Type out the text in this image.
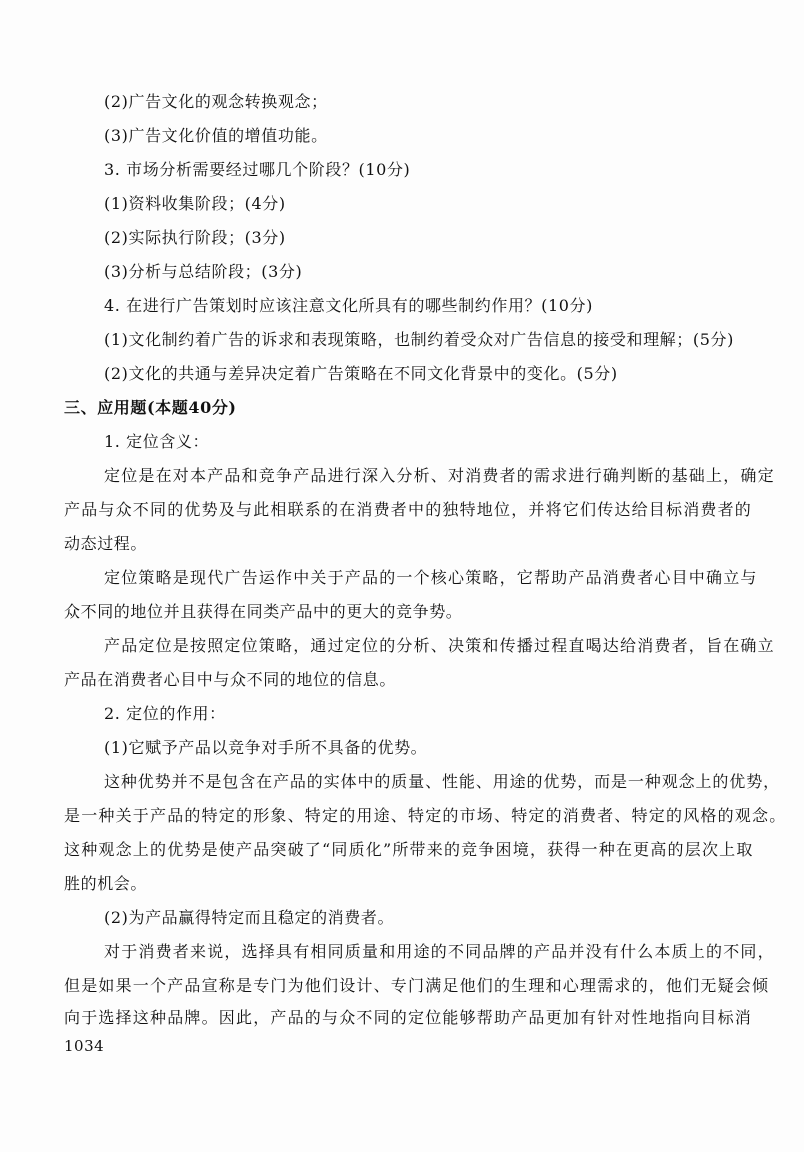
(2)广告文化的观念转换观念；
(3)广告文化价值的增值功能。
3. 市场分析需要经过哪几个阶段？(10分)
(1)资料收集阶段；(4分)
(2)实际执行阶段；(3分)
(3)分析与总结阶段；(3分)
4. 在进行广告策划时应该注意文化所具有的哪些制约作用？(10分)
(1)文化制约着广告的诉求和表现策略，也制约着受众对广告信息的接受和理解；(5分)
(2)文化的共通与差异决定着广告策略在不同文化背景中的变化。(5分)
三、应用题(本题40分)
1. 定位含义：
定位是在对本产品和竞争产品进行深入分析、对消费者的需求进行确判断的基础上，确定
产品与众不同的优势及与此相联系的在消费者中的独特地位，并将它们传达给目标消费者的
动态过程。
定位策略是现代广告运作中关于产品的一个核心策略，它帮助产品消费者心目中确立与
众不同的地位并且获得在同类产品中的更大的竞争势。
产品定位是按照定位策略，通过定位的分析、决策和传播过程直喝达给消费者，旨在确立
产品在消费者心目中与众不同的地位的信息。
2. 定位的作用：
(1)它赋予产品以竞争对手所不具备的优势。
这种优势并不是包含在产品的实体中的质量、性能、用途的优势，而是一种观念上的优势，
是一种关于产品的特定的形象、特定的用途、特定的市场、特定的消费者、特定的风格的观念。
这种观念上的优势是使产品突破了“同质化”所带来的竞争困境，获得一种在更高的层次上取
胜的机会。
(2)为产品赢得特定而且稳定的消费者。
对于消费者来说，选择具有相同质量和用途的不同品牌的产品并没有什么本质上的不同，
但是如果一个产品宣称是专门为他们设计、专门满足他们的生理和心理需求的，他们无疑会倾
向于选择这种品牌。因此，产品的与众不同的定位能够帮助产品更加有针对性地指向目标消
1034
